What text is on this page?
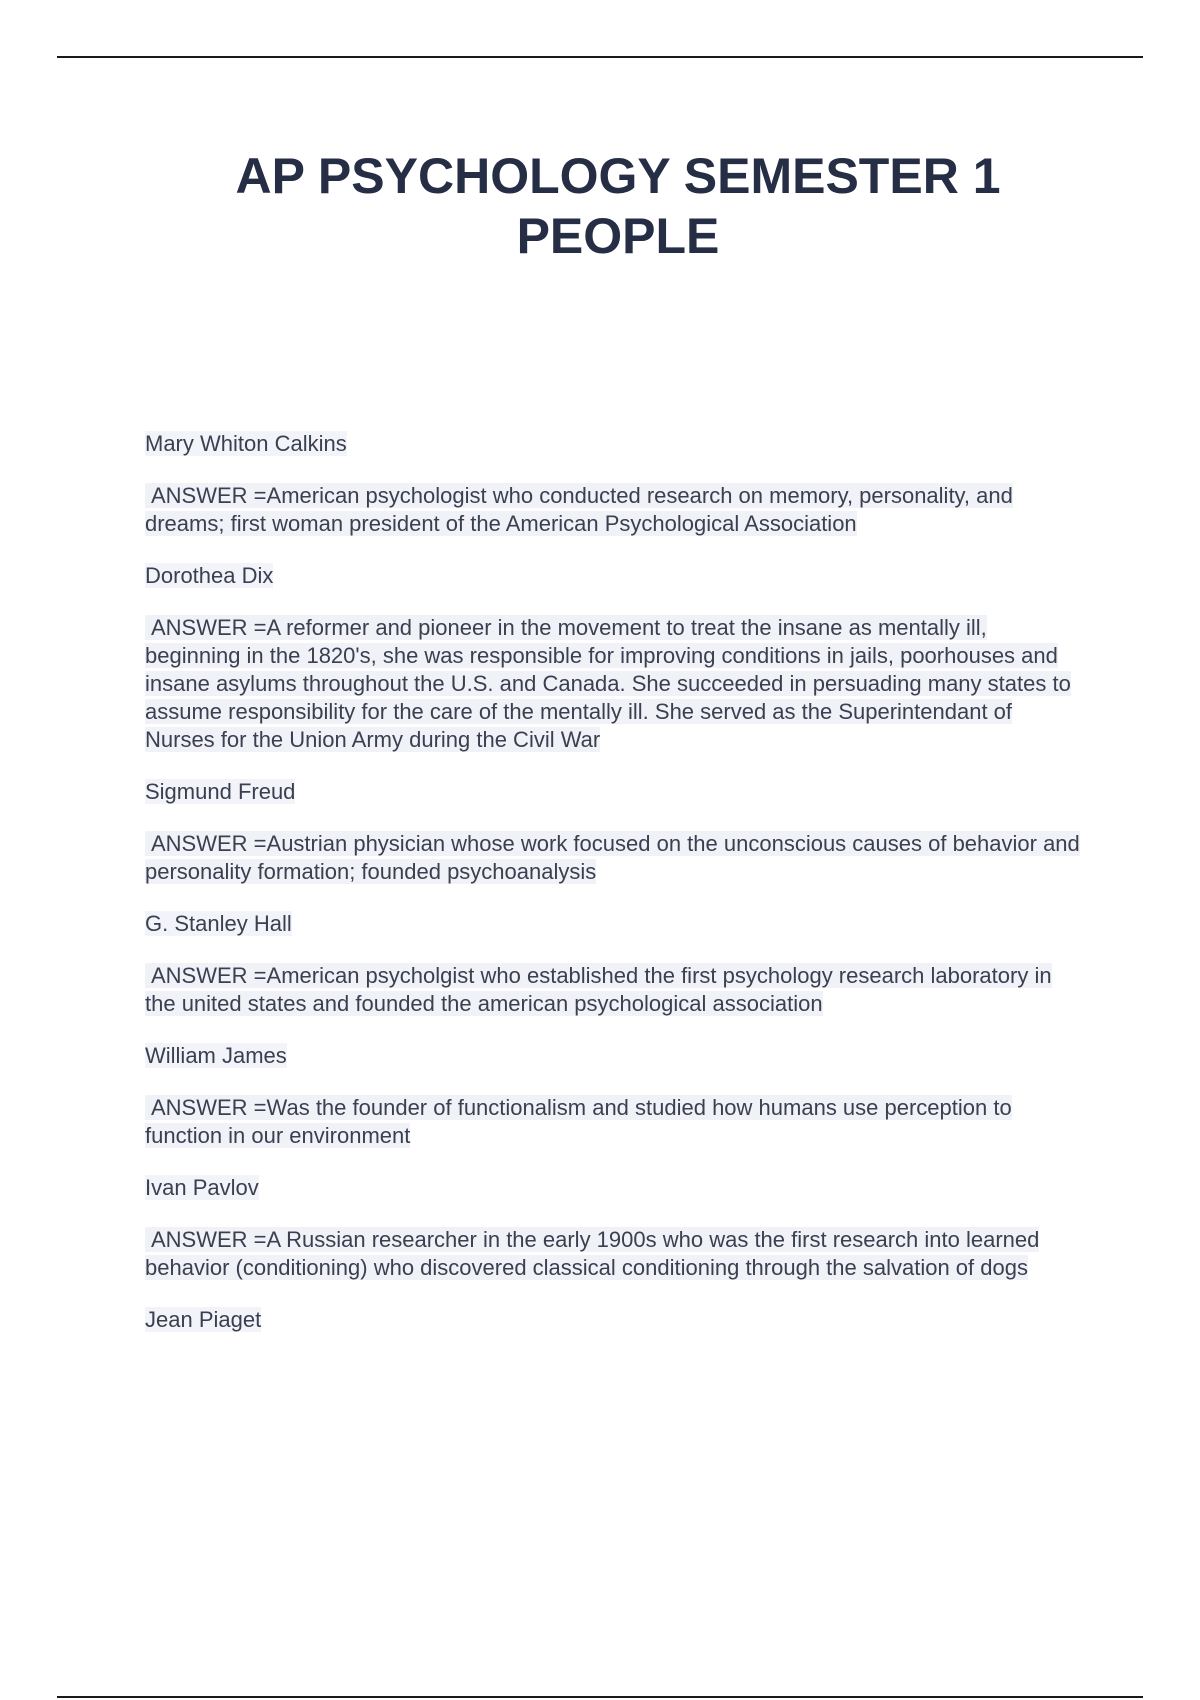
AP PSYCHOLOGY SEMESTER 1
PEOPLE

Mary Whiton Calkins

ANSWER =American psychologist who conducted research on memory, personality, and dreams; first woman president of the American Psychological Association

Dorothea Dix

ANSWER =A reformer and pioneer in the movement to treat the insane as mentally ill, beginning in the 1820's, she was responsible for improving conditions in jails, poorhouses and insane asylums throughout the U.S. and Canada. She succeeded in persuading many states to assume responsibility for the care of the mentally ill. She served as the Superintendant of Nurses for the Union Army during the Civil War

Sigmund Freud

ANSWER =Austrian physician whose work focused on the unconscious causes of behavior and personality formation; founded psychoanalysis

G. Stanley Hall

ANSWER =American psycholgist who established the first psychology research laboratory in the united states and founded the american psychological association

William James

ANSWER =Was the founder of functionalism and studied how humans use perception to function in our environment

Ivan Pavlov

ANSWER =A Russian researcher in the early 1900s who was the first research into learned behavior (conditioning) who discovered classical conditioning through the salvation of dogs

Jean Piaget
